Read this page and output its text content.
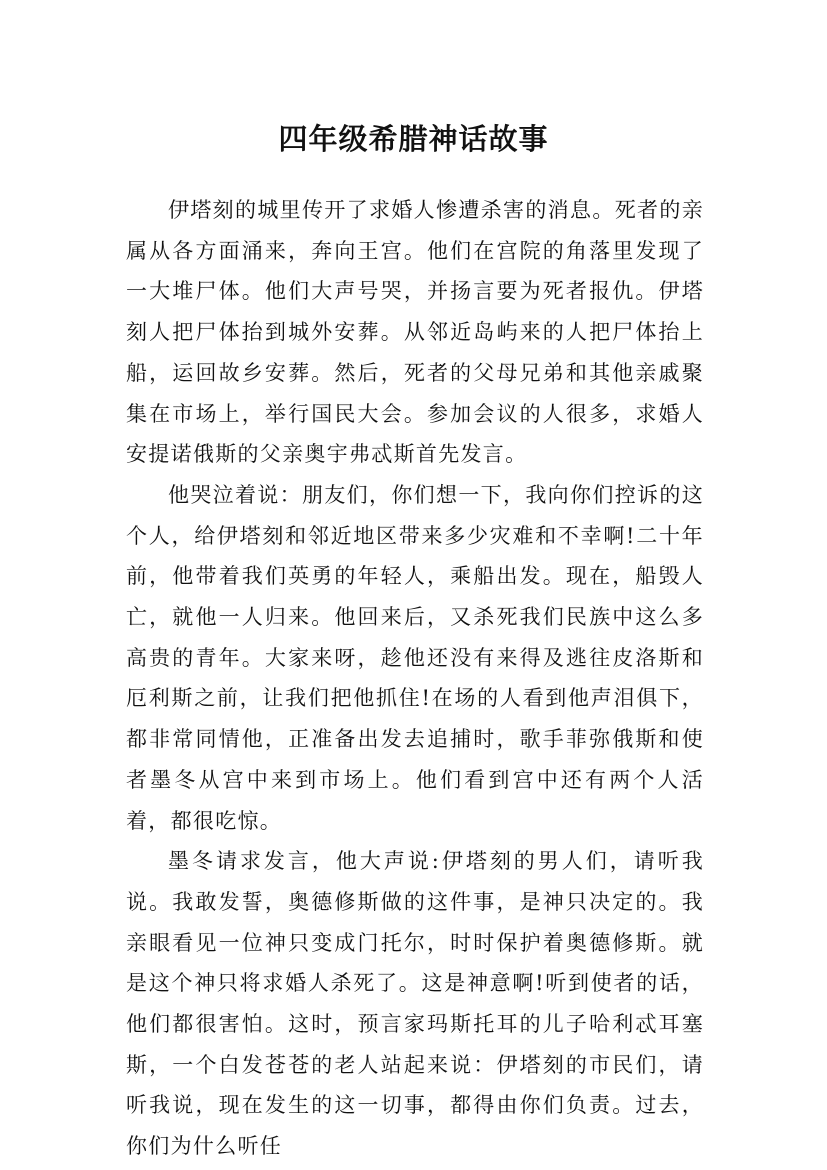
四年级希腊神话故事

伊塔刻的城里传开了求婚人惨遭杀害的消息。死者的亲属从各方面涌来，奔向王宫。他们在宫院的角落里发现了一大堆尸体。他们大声号哭，并扬言要为死者报仇。伊塔刻人把尸体抬到城外安葬。从邻近岛屿来的人把尸体抬上船，运回故乡安葬。然后，死者的父母兄弟和其他亲戚聚集在市场上，举行国民大会。参加会议的人很多，求婚人安提诺俄斯的父亲奥宇弗忒斯首先发言。

他哭泣着说：朋友们，你们想一下，我向你们控诉的这个人，给伊塔刻和邻近地区带来多少灾难和不幸啊!二十年前，他带着我们英勇的年轻人，乘船出发。现在，船毁人亡，就他一人归来。他回来后，又杀死我们民族中这么多高贵的青年。大家来呀，趁他还没有来得及逃往皮洛斯和厄利斯之前，让我们把他抓住!在场的人看到他声泪俱下，都非常同情他，正准备出发去追捕时，歌手菲弥俄斯和使者墨冬从宫中来到市场上。他们看到宫中还有两个人活着，都很吃惊。

墨冬请求发言，他大声说:伊塔刻的男人们，请听我说。我敢发誓，奥德修斯做的这件事，是神只决定的。我亲眼看见一位神只变成门托尔，时时保护着奥德修斯。就是这个神只将求婚人杀死了。这是神意啊!听到使者的话，他们都很害怕。这时，预言家玛斯托耳的儿子哈利忒耳塞斯，一个白发苍苍的老人站起来说：伊塔刻的市民们，请听我说，现在发生的这一切事，都得由你们负责。过去，你们为什么听任
